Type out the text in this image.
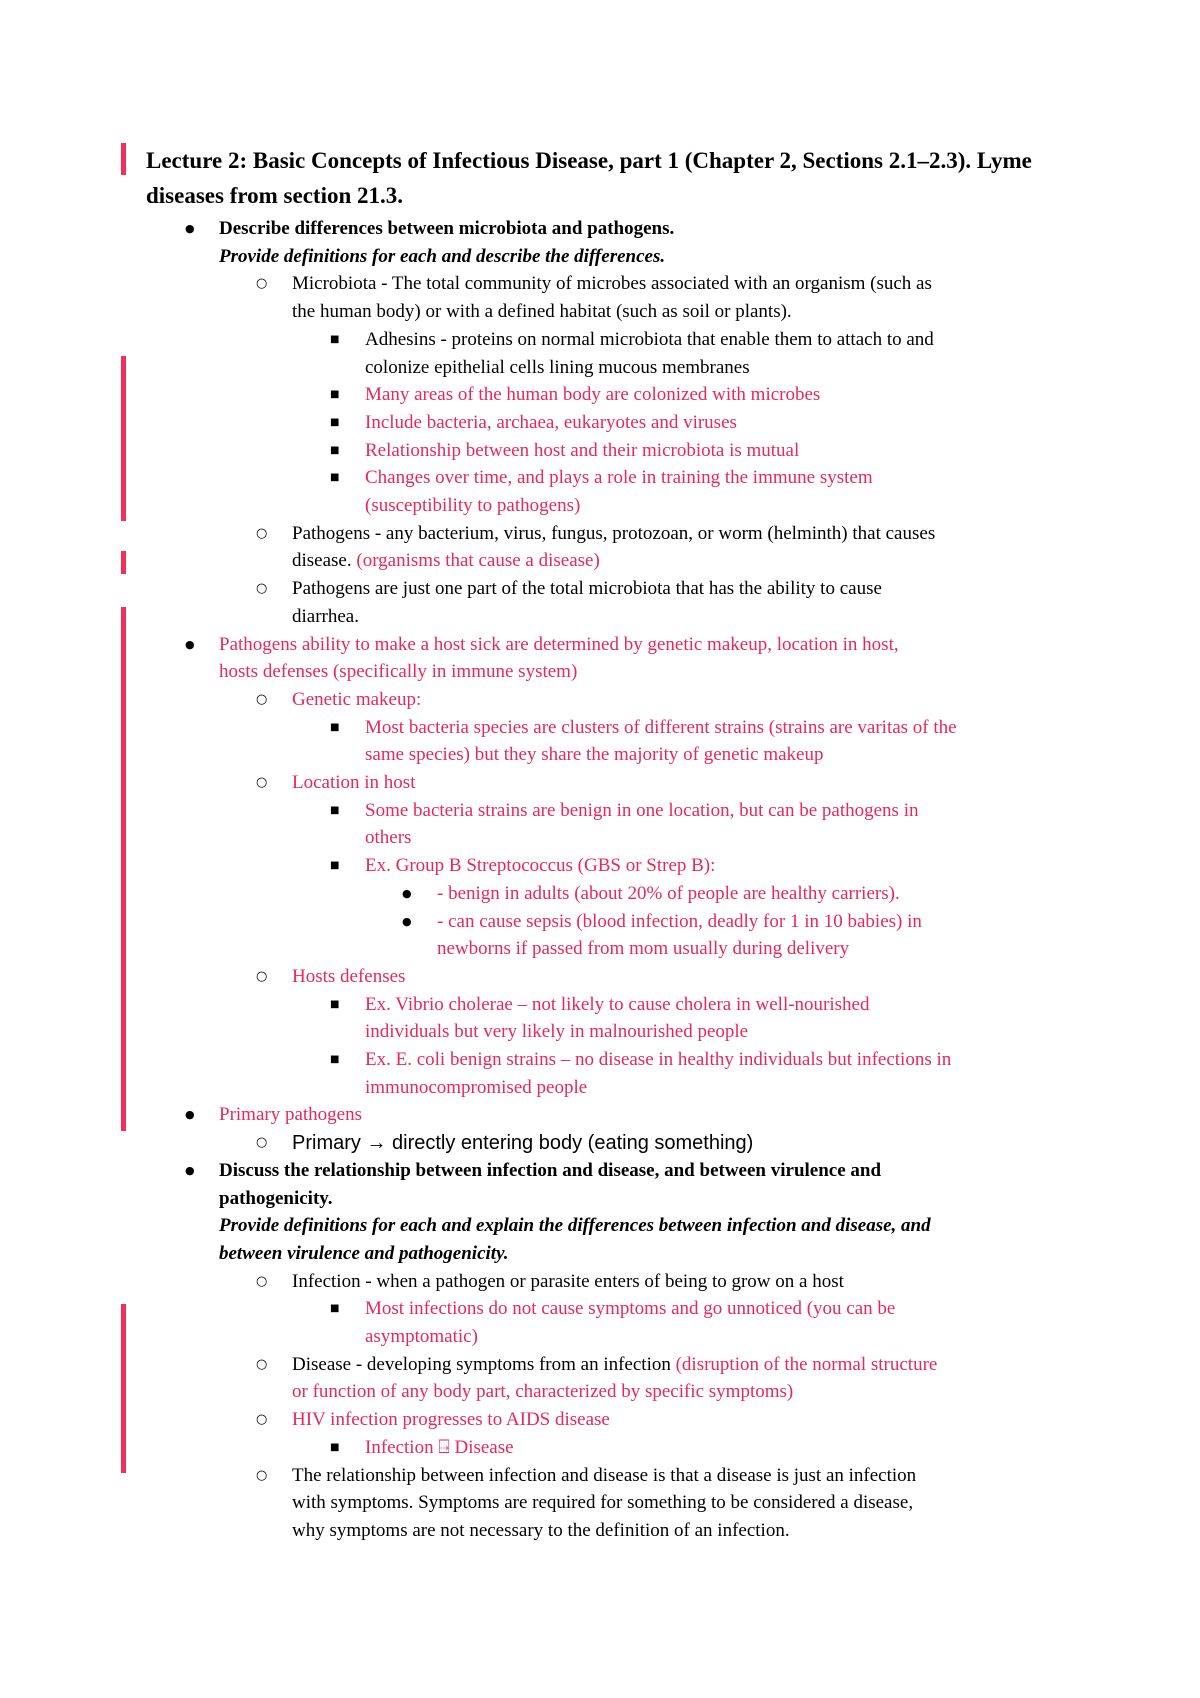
Lecture 2: Basic Concepts of Infectious Disease, part 1 (Chapter 2, Sections 2.1–2.3). Lyme diseases from section 21.3.
Describe differences between microbiota and pathogens.
●
Provide definitions for each and describe the differences.
Microbiota - The total community of microbes associated with an organism (such as
○
the human body) or with a defined habitat (such as soil or plants).
Adhesins - proteins on normal microbiota that enable them to attach to and
■
colonize epithelial cells lining mucous membranes
Many areas of the human body are colonized with microbes
■
Include bacteria, archaea, eukaryotes and viruses
■
Relationship between host and their microbiota is mutual
■
Changes over time, and plays a role in training the immune system
■
(susceptibility to pathogens)
Pathogens - any bacterium, virus, fungus, protozoan, or worm (helminth) that causes
○
disease. (organisms that cause a disease)
Pathogens are just one part of the total microbiota that has the ability to cause
○
diarrhea.
Pathogens ability to make a host sick are determined by genetic makeup, location in host,
●
hosts defenses (specifically in immune system)
Genetic makeup:
○
Most bacteria species are clusters of different strains (strains are varitas of the
■
same species) but they share the majority of genetic makeup
Location in host
○
Some bacteria strains are benign in one location, but can be pathogens in
■
others
Ex. Group B Streptococcus (GBS or Strep B):
■
- benign in adults (about 20% of people are healthy carriers).
●
- can cause sepsis (blood infection, deadly for 1 in 10 babies) in
●
newborns if passed from mom usually during delivery
Hosts defenses
○
Ex. Vibrio cholerae – not likely to cause cholera in well-nourished
■
individuals but very likely in malnourished people
Ex. E. coli benign strains – no disease in healthy individuals but infections in
■
immunocompromised people
Primary pathogens
●
Primary → directly entering body (eating something)
○
Discuss the relationship between infection and disease, and between virulence and
●
pathogenicity.
Provide definitions for each and explain the differences between infection and disease, and
between virulence and pathogenicity.
Infection - when a pathogen or parasite enters of being to grow on a host
○
Most infections do not cause symptoms and go unnoticed (you can be
■
asymptomatic)
Disease - developing symptoms from an infection (disruption of the normal structure
○
or function of any body part, characterized by specific symptoms)
HIV infection progresses to AIDS disease
○
Infection ⍈ Disease
■
The relationship between infection and disease is that a disease is just an infection
○
with symptoms. Symptoms are required for something to be considered a disease,
why symptoms are not necessary to the definition of an infection.
